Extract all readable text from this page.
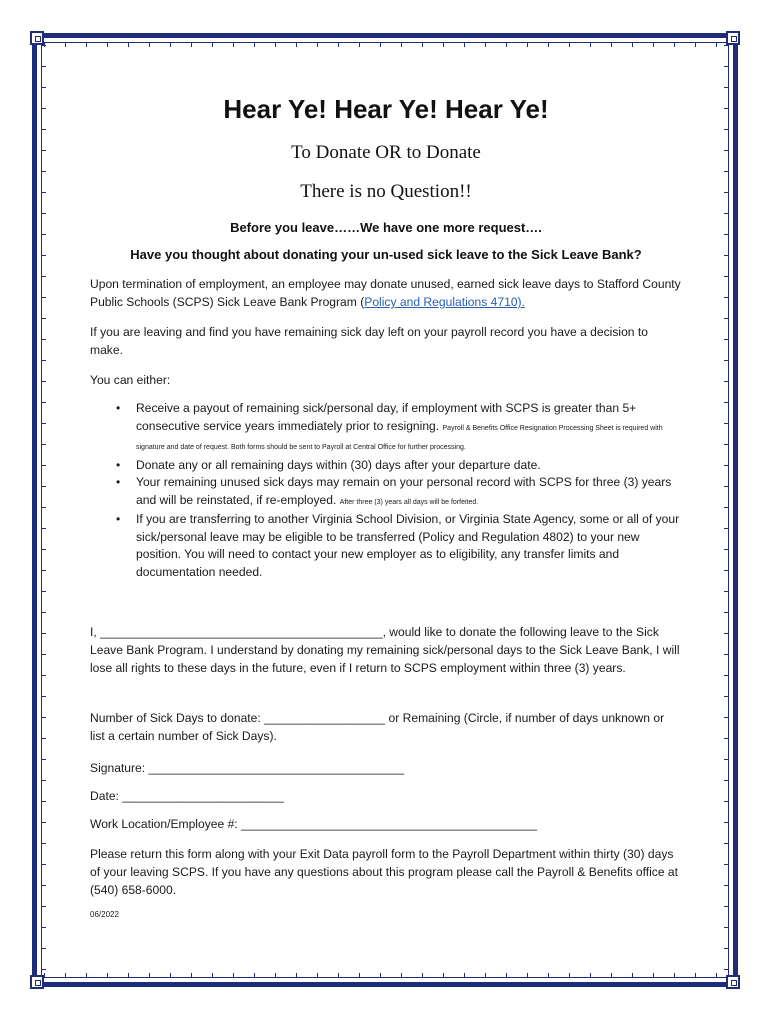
Hear Ye! Hear Ye! Hear Ye!

To Donate OR to Donate

There is no Question!!

Before you leave……We have one more request….

Have you thought about donating your un-used sick leave to the Sick Leave Bank?

Upon termination of employment, an employee may donate unused, earned sick leave days to Stafford County Public Schools (SCPS) Sick Leave Bank Program (Policy and Regulations 4710).

If you are leaving and find you have remaining sick day left on your payroll record you have a decision to make.

You can either:

• Receive a payout of remaining sick/personal day, if employment with SCPS is greater than 5+ consecutive service years immediately prior to resigning. Payroll & Benefits Office Resignation Processing Sheet is required with signature and date of request. Both forms should be sent to Payroll at Central Office for further processing.
• Donate any or all remaining days within (30) days after your departure date.
• Your remaining unused sick days may remain on your personal record with SCPS for three (3) years and will be reinstated, if re-employed. After three (3) years all days will be forfeited.
• If you are transferring to another Virginia School Division, or Virginia State Agency, some or all of your sick/personal leave may be eligible to be transferred (Policy and Regulation 4802) to your new position. You will need to contact your new employer as to eligibility, any transfer limits and documentation needed.

I, __________________________________________, would like to donate the following leave to the Sick Leave Bank Program. I understand by donating my remaining sick/personal days to the Sick Leave Bank, I will lose all rights to these days in the future, even if I return to SCPS employment within three (3) years.

Number of Sick Days to donate: __________________ or Remaining (Circle, if number of days unknown or list a certain number of Sick Days).

Signature: ______________________________________

Date: ________________________

Work Location/Employee #: ____________________________________________

Please return this form along with your Exit Data payroll form to the Payroll Department within thirty (30) days of your leaving SCPS. If you have any questions about this program please call the Payroll & Benefits office at (540) 658-6000.

06/2022
